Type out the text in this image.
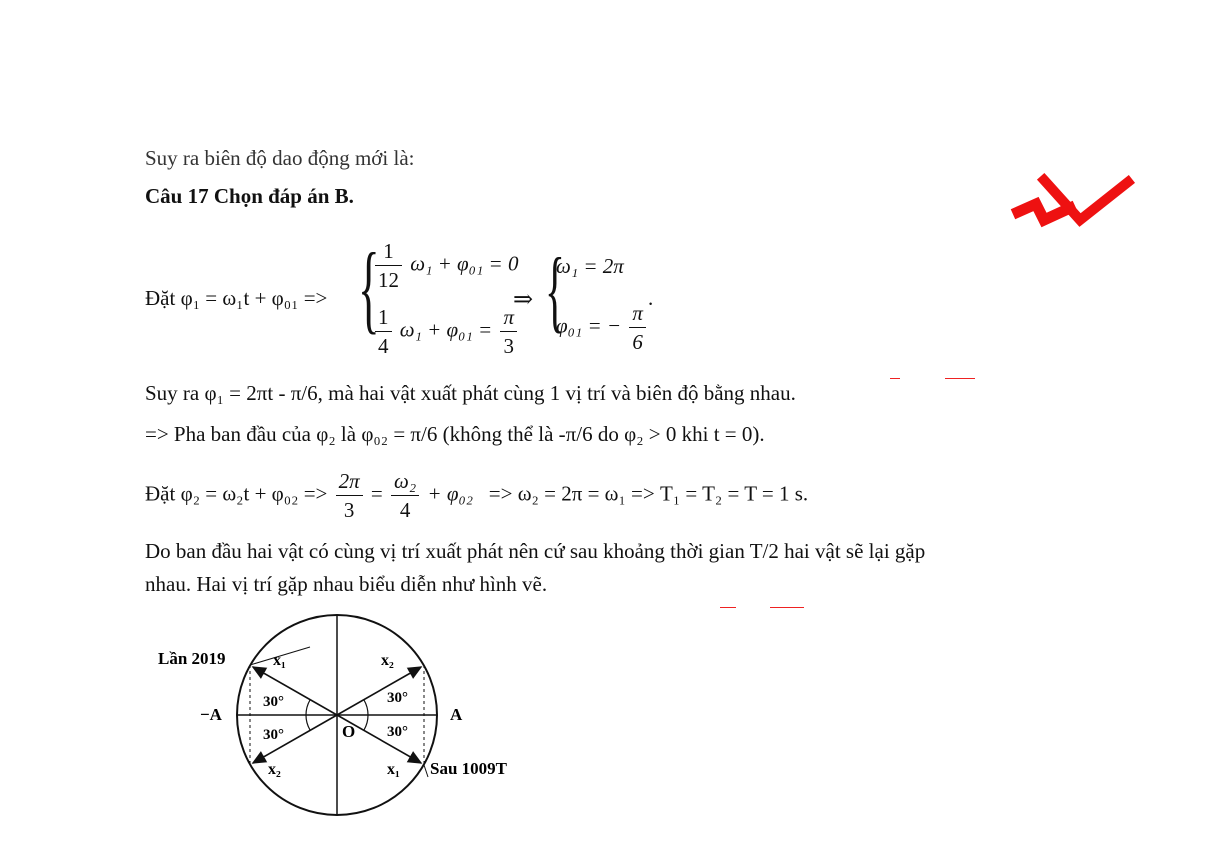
Suy ra biên độ dao động mới là:
Câu 17 Chọn đáp án B.
Đặt φ₁ = ω₁t + φ₀₁ => {
$\frac{1}{12} \omega_1 + \varphi_{01} = 0$
$\frac{1}{4} \omega_1 + \varphi_{01} = \frac{\pi}{3}$
⇒ {
ω₁ = 2π
φ₀₁ = − $\frac{\pi}{6}$
.
Suy ra φ₁ = 2πt - π/6, mà hai vật xuất phát cùng 1 vị trí và biên độ bằng nhau.
=> Pha ban đầu của φ₂ là φ₀₂ = π/6 (không thể là -π/6 do φ₂ > 0 khi t = 0).
Đặt $\varphi_2 = \omega_2t + \varphi_{02} => \frac{2\pi}{3} = \frac{\text{ω₂}}{4} + \varphi_{02} => \omega_2 = 2\pi = \omega_1 => T_1 = T_2 = T = 1$ s.
Do ban đầu hai vật có cùng vị trí xuất phát nên cứ sau khoảng thời gian T/2 hai vật sẽ lại gặp
nhau. Hai vị trí gặp nhau biểu diễn như hình vẽ.
Lần 2019
Sau 1009T
−A	A
O
x₁	x₂
x₂	x₁
30°	30°
30°	30°
